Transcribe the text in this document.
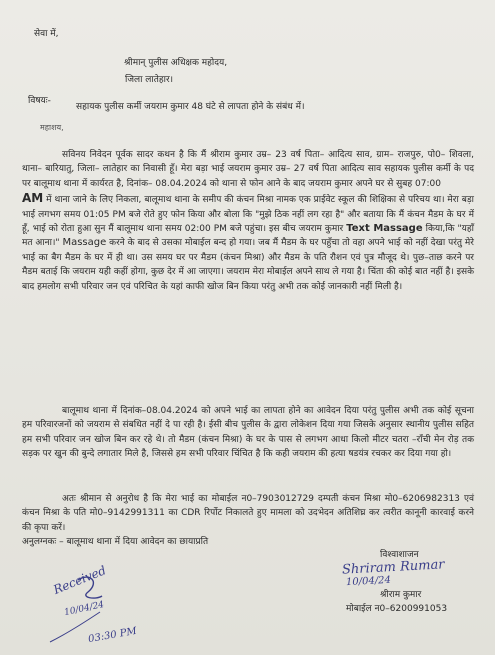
सेवा में,
श्रीमान् पुलीस अधिक्षक महोदय,
जिला लातेहार।
विषयः-
सहायक पुलीस कर्मी जयराम कुमार 48 घंटे से लापता होने के संबंध में।
महाशय,

सविनय निवेदन पूर्वक सादर कथन है कि मैं श्रीराम कुमार उम्र– 23 वर्ष पिता– आदित्य साव, ग्राम– राजपुरु, पो0– शिवला, थाना– बारियातु, जिला– लातेहार का निवासी हूँ। मेरा बड़ा भाई जयराम कुमार उम्र– 27 वर्ष पिता आदित्य साव सहायक पुलीस कर्मी के पद पर बालूमाथ थाना में कार्यरत है, दिनांक– 08.04.2024 को थाना से फोन आने के बाद जयराम कुमार अपने घर से सुबह 07:00
AM में थाना जाने के लिए निकला, बालूमाथ थाना के समीप की कंचन मिश्रा नामक एक प्राईवेट स्कूल की शिक्षिका से परिचय था। मेरा बड़ा भाई लगभग समय 01:05 PM बजे रोते हुए फोन किया और बोला कि "मुझे ठिक नहीं लग रहा है" और बताया कि मैं कंचन मैडम के घर में हूँ, भाई को रोता हुआ सुन मैं बालूमाथ थाना समय 02:00 PM बजे पहुंचा। इस बीच जयराम कुमार Text Massage किया,कि "यहाँ मत आना।" Massage करने के बाद से उसका मोबाईल बन्द हो गया। जब मैं मैडम के घर पहुँचा तो वहा अपने भाई को नहीं देखा परंतु मेरे भाई का बैग मैडम के घर में ही था। उस समय घर पर मैडम (कंचन मिश्रा) और मैडम के पति रौशन एवं पुत्र मौजूद थे। पुछ–ताछ करने पर मैडम बताई कि जयराम यही कहीं होगा, कुछ देर में आ जाएगा। जयराम मेरा मोबाईल अपने साथ ले गया है। चिंता की कोई बात नहीं है। इसके बाद हमलोग सभी परिवार जन एवं परिचित के यहां काफी खोज बिन किया परंतु अभी तक कोई जानकारी नहीं मिली है।

बालूमाथ थाना में दिनांक–08.04.2024 को अपने भाई का लापता होने का आवेदन दिया परंतु पुलीस अभी तक कोई सूचना हम परिवारजनों को जयराम से संबधित नहीं दे पा रही है। ईसी बीच पुलीस के द्वारा लोकेशन दिया गया जिसके अनुसार स्थानीय पुलीस सहित हम सभी परिवार जन खोज बिन कर रहे थे। तो मैडम (कंचन मिश्रा) के घर के पास से लगभग आधा किलो मीटर चतरा –राँची मेन रोड़ तक सड़क पर खुन की बुन्दे लगातार मिले है, जिससे हम सभी परिवार चिंचित है कि कही जयराम की हत्या षडयंत्र रचकर कर दिया गया हो।

अतः श्रीमान से अनुरोध है कि मेरा भाई का मोबाईल न0–7903012729 दम्पती कंचन मिश्रा मो0–6206982313 एवं कंचन मिश्रा के पति मो0–9142991311 का CDR रिर्पोट निकालते हुए मामला को उदभेदन अतिशिघ्र कर त्वरीत कानूनी कारवाई करने की कृपा करें।

अनुलग्नकः – बालूमाथ थाना में दिया आवेदन का छायाप्रति
विश्वाशाजन
Shriram Rumar
10/04/24
श्रीराम कुमार
मोबाईल न0–6200991053
Received
10/04/24
03:30 PM
